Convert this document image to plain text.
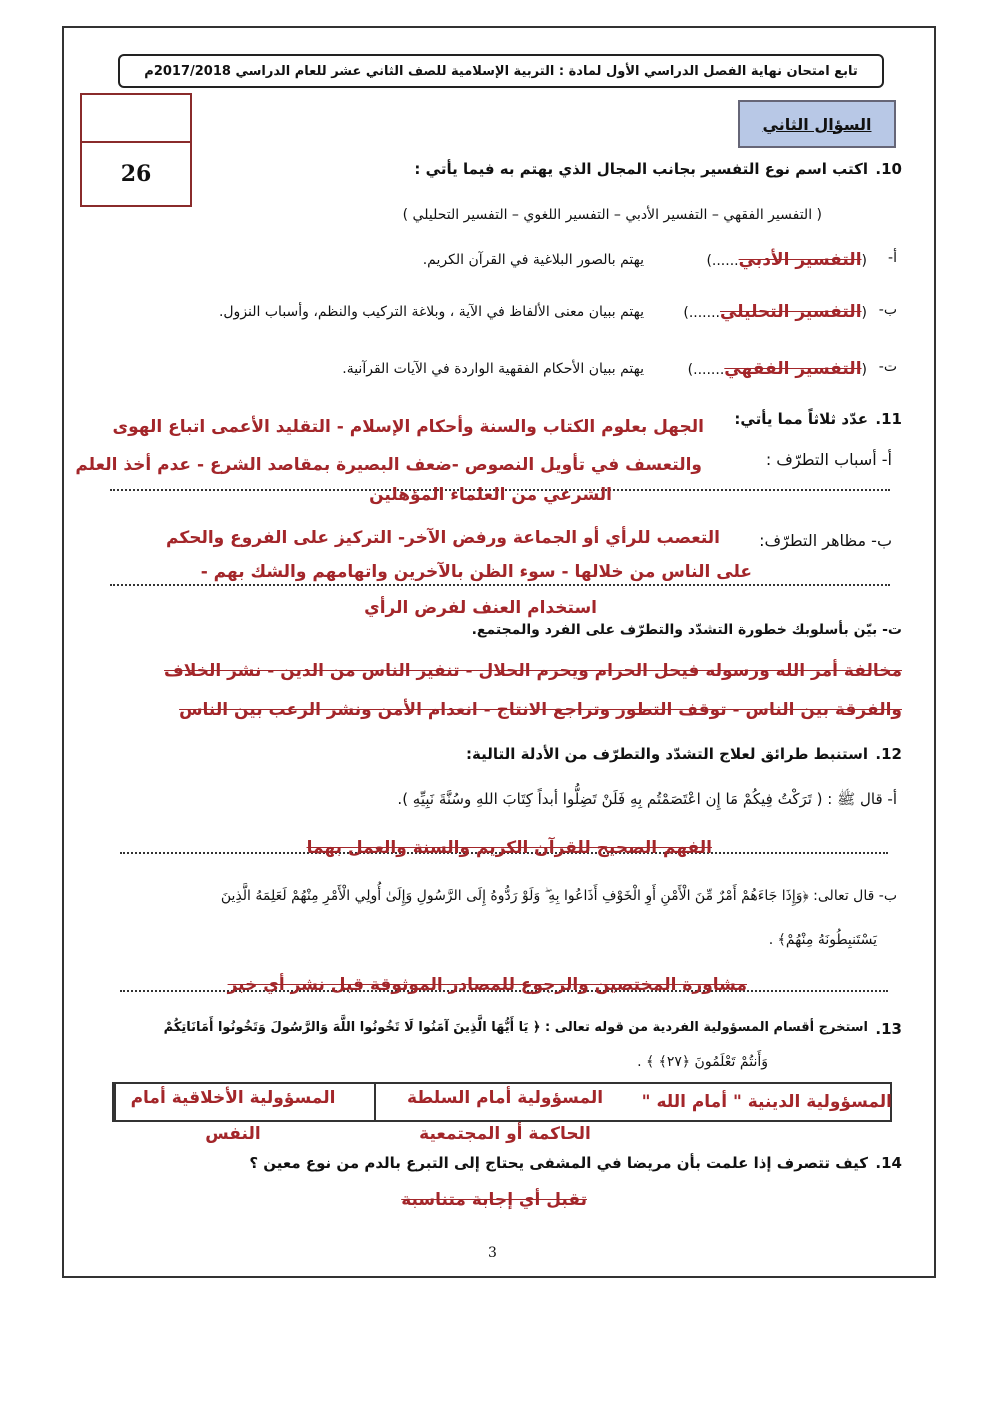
تابع امتحان نهاية الفصل الدراسي الأول لمادة : التربية الإسلامية للصف الثاني عشر للعام الدراسي 2017/2018م
26
السؤال الثاني
10.
اكتب اسم نوع التفسير بجانب المجال الذي يهتم به فيما يأتي :
( التفسير الفقهي – التفسير الأدبي – التفسير اللغوي – التفسير التحليلي )
أ-
(التفسير الأدبي......)
يهتم بالصور البلاغية في القرآن الكريم.
ب-
(التفسير التحليلي.......)
يهتم ببيان معنى الألفاظ في الآية ، وبلاغة التركيب والنظم، وأسباب النزول.
ت-
(التفسير الفقهي.......)
يهتم ببيان الأحكام الفقهية الواردة في الآيات القرآنية.
11.
عدّد ثلاثاً مما يأتي:
الجهل بعلوم الكتاب والسنة وأحكام الإسلام - التقليد الأعمى اتباع الهوى
أ- أسباب التطرّف :
والتعسف في تأويل النصوص -ضعف البصيرة بمقاصد الشرع - عدم أخذ العلم
الشرعي من العلماء المؤهلين
ب- مظاهر التطرّف:
التعصب للرأي أو الجماعة ورفض الآخر- التركيز على الفروع والحكم
على الناس من خلالها - سوء الظن بالآخرين واتهامهم والشك بهم -
استخدام العنف لفرض الرأي
ت- بيّن بأسلوبك خطورة التشدّد والتطرّف على الفرد والمجتمع.
مخالفة أمر الله ورسوله فيحل الحرام ويحرم الحلال - تنفير الناس من الدين - نشر الخلاف
والفرقة بين الناس - توقف التطور وتراجع الانتاج - انعدام الأمن ونشر الرعب بين الناس
12.
استنبط طرائق لعلاج التشدّد والتطرّف من الأدلة التالية:
أ- قال ﷺ : ( تَرَكْتُ فِيكُمْ مَا إِن اعْتَصَمْتُم بِهِ فَلَنْ تَضِلُّوا أبداً كِتَابَ اللهِ وسُنَّةَ نَبِيِّهِ ).
الفهم الصحيح للقرآن الكريم والسنة والعمل بهما
ب- قال تعالى: ﴿وَإِذَا جَاءَهُمْ أَمْرٌ مِّنَ الْأَمْنِ أَوِ الْخَوْفِ أَذَاعُوا بِهِ ۖ وَلَوْ رَدُّوهُ إِلَى الرَّسُولِ وَإِلَىٰ أُولِي الْأَمْرِ مِنْهُمْ لَعَلِمَهُ الَّذِينَ
يَسْتَنبِطُونَهُ مِنْهُمْ﴾ .
مشاورة المختصين والرجوع للمصادر الموثوقة قبل نشر أي خبر
13.
استخرج أقسام المسؤولية الفردية من قوله تعالى : ﴿ يَا أَيُّهَا الَّذِينَ آمَنُوا لَا تَخُونُوا اللَّهَ وَالرَّسُولَ وَتَخُونُوا أَمَانَاتِكُمْ
وَأَنتُمْ تَعْلَمُونَ ﴿٢٧﴾ ﴾ .
المسؤولية الدينية " أمام الله "
المسؤولية أمام السلطة الحاكمة أو المجتمعية
المسؤولية الأخلاقية أمام النفس
14.
كيف تتصرف إذا علمت بأن مريضا في المشفى يحتاج إلى التبرع بالدم من نوع معين ؟
تقبل أي إجابة متناسبة
3
